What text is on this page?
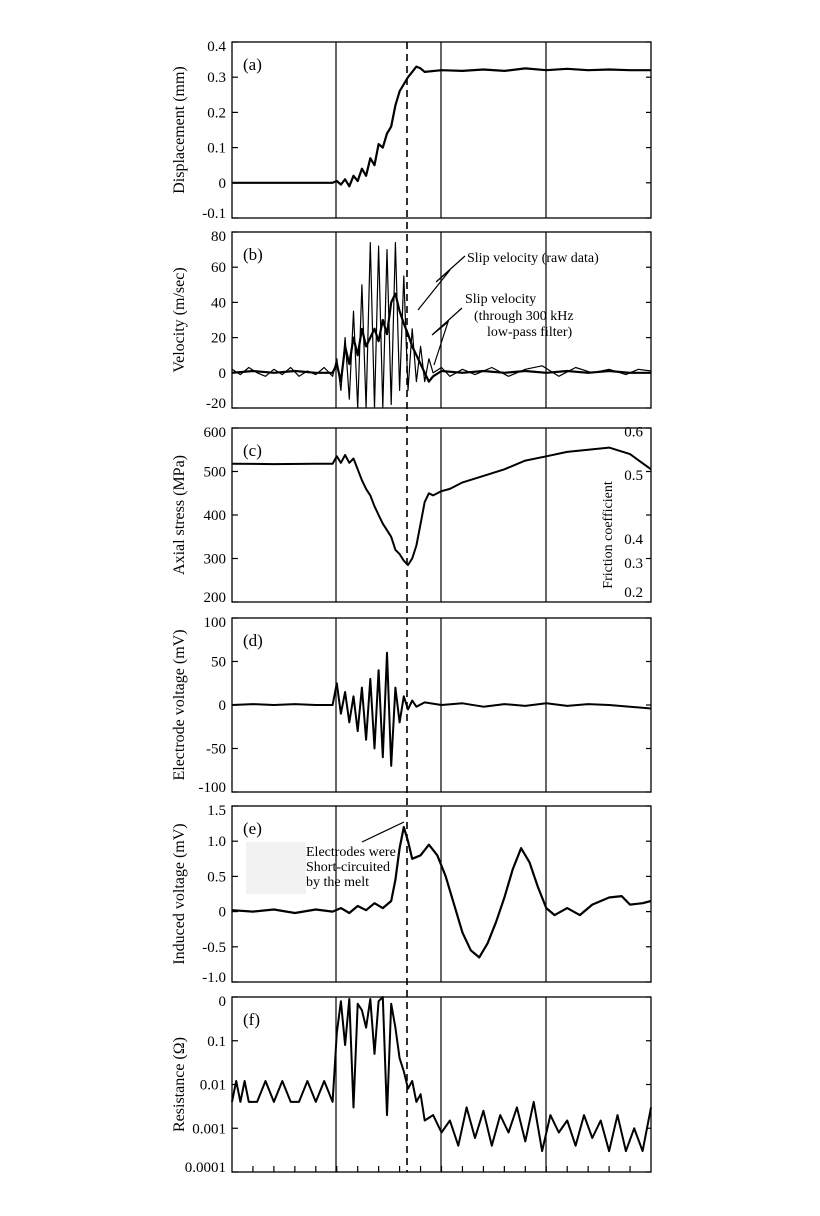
-0.1
0
0.1
0.2
0.3
0.4
Displacement (mm)
(a)
-20
0
20
40
60
80
Velocity (m/sec)
(b)	Slip velocity (raw data)
Slip velocity
(through 300 kHz
low-pass filter)
200
300
400
500
600
Axial stress (MPa)
(c)
0.2
0.3
0.4
0.5
0.6
Friction coefficient
-100
-50
0
50
100
Electrode voltage (mV)	(d)
-1.0
-0.5
0
0.5
1.0
1.5
Induced voltage (mV)	(e)
Electrodes were
Short-circuited
by the melt
0.0001
0.001
0.01
0.1
0
Resistance (Ω)
(f)
